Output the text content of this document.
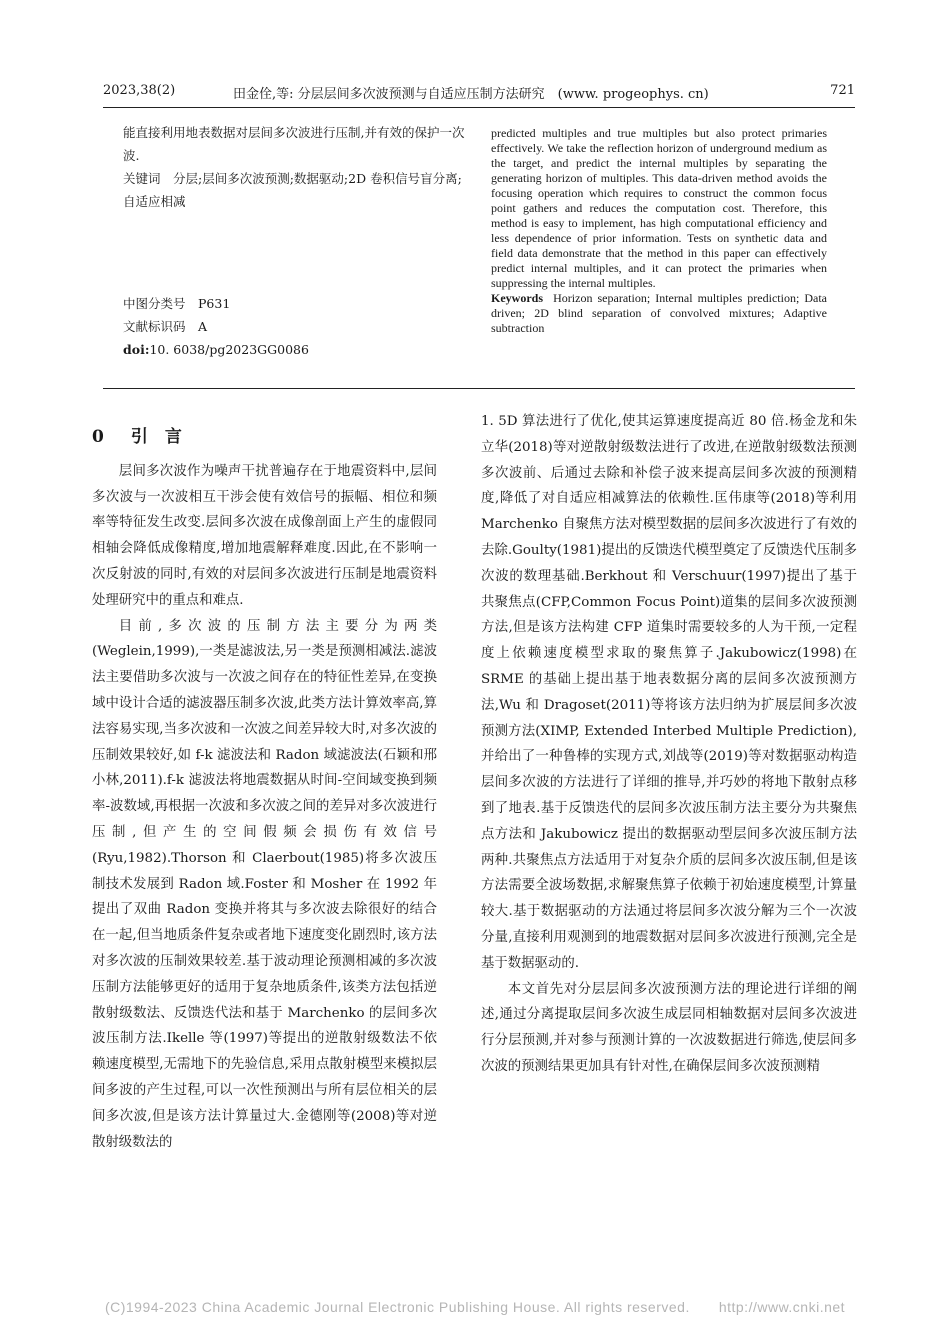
2023,38(2)	田金佺,等: 分层层间多次波预测与自适应压制方法研究　(www. progeophys. cn)	721

能直接利用地表数据对层间多次波进行压制,并有效的保护一次波.

关键词　分层;层间多次波预测;数据驱动;2D 卷积信号盲分离;自适应相减

predicted multiples and true multiples but also protect primaries effectively. We take the reflection horizon of underground medium as the target, and predict the internal multiples by separating the generating horizon of multiples. This data-driven method avoids the focusing operation which requires to construct the common focus point gathers and reduces the computation cost. Therefore, this method is easy to implement, has high computational efficiency and less dependence of prior information. Tests on synthetic data and field data demonstrate that the method in this paper can effectively predict internal multiples, and it can protect the primaries when suppressing the internal multiples.

Keywords Horizon separation; Internal multiples prediction; Data driven; 2D blind separation of convolved mixtures; Adaptive subtraction

中图分类号　P631

文献标识码　A

doi:10. 6038/pg2023GG0086

0　 引　言

层间多次波作为噪声干扰普遍存在于地震资料中,层间多次波与一次波相互干涉会使有效信号的振幅、相位和频率等特征发生改变.层间多次波在成像剖面上产生的虚假同相轴会降低成像精度,增加地震解释难度.因此,在不影响一次反射波的同时,有效的对层间多次波进行压制是地震资料处理研究中的重点和难点.

目前,多次波的压制方法主要分为两类(Weglein,1999),一类是滤波法,另一类是预测相减法.滤波法主要借助多次波与一次波之间存在的特征性差异,在变换域中设计合适的滤波器压制多次波,此类方法计算效率高,算法容易实现,当多次波和一次波之间差异较大时,对多次波的压制效果较好,如 f-k 滤波法和 Radon 域滤波法(石颖和邢小林,2011).f-k 滤波法将地震数据从时间-空间域变换到频率-波数域,再根据一次波和多次波之间的差异对多次波进行压制,但产生的空间假频会损伤有效信号(Ryu,1982).Thorson 和 Claerbout(1985)将多次波压制技术发展到 Radon 域.Foster 和 Mosher 在 1992 年提出了双曲 Radon 变换并将其与多次波去除很好的结合在一起,但当地质条件复杂或者地下速度变化剧烈时,该方法对多次波的压制效果较差.基于波动理论预测相减的多次波压制方法能够更好的适用于复杂地质条件,该类方法包括逆散射级数法、反馈迭代法和基于 Marchenko 的层间多次波压制方法.Ikelle 等(1997)等提出的逆散射级数法不依赖速度模型,无需地下的先验信息,采用点散射模型来模拟层间多波的产生过程,可以一次性预测出与所有层位相关的层间多次波,但是该方法计算量过大.金德刚等(2008)等对逆散射级数法的

1. 5D 算法进行了优化,使其运算速度提高近 80 倍.杨金龙和朱立华(2018)等对逆散射级数法进行了改进,在逆散射级数法预测多次波前、后通过去除和补偿子波来提高层间多次波的预测精度,降低了对自适应相减算法的依赖性.匡伟康等(2018)等利用 Marchenko 自聚焦方法对模型数据的层间多次波进行了有效的去除.Goulty(1981)提出的反馈迭代模型奠定了反馈迭代压制多次波的数理基础.Berkhout 和 Verschuur(1997)提出了基于共聚焦点(CFP,Common Focus Point)道集的层间多次波预测方法,但是该方法构建 CFP 道集时需要较多的人为干预,一定程度上依赖速度模型求取的聚焦算子.Jakubowicz(1998)在 SRME 的基础上提出基于地表数据分离的层间多次波预测方法,Wu 和 Dragoset(2011)等将该方法归纳为扩展层间多次波预测方法(XIMP, Extended Interbed Multiple Prediction),并给出了一种鲁棒的实现方式,刘战等(2019)等对数据驱动构造层间多次波的方法进行了详细的推导,并巧妙的将地下散射点移到了地表.基于反馈迭代的层间多次波压制方法主要分为共聚焦点方法和 Jakubowicz 提出的数据驱动型层间多次波压制方法两种.共聚焦点方法适用于对复杂介质的层间多次波压制,但是该方法需要全波场数据,求解聚焦算子依赖于初始速度模型,计算量较大.基于数据驱动的方法通过将层间多次波分解为三个一次波分量,直接利用观测到的地震数据对层间多次波进行预测,完全是基于数据驱动的.

本文首先对分层层间多次波预测方法的理论进行详细的阐述,通过分离提取层间多次波生成层同相轴数据对层间多次波进行分层预测,并对参与预测计算的一次波数据进行筛选,使层间多次波的预测结果更加具有针对性,在确保层间多次波预测精

(C)1994-2023 China Academic Journal Electronic Publishing House. All rights reserved.　　http://www.cnki.net
